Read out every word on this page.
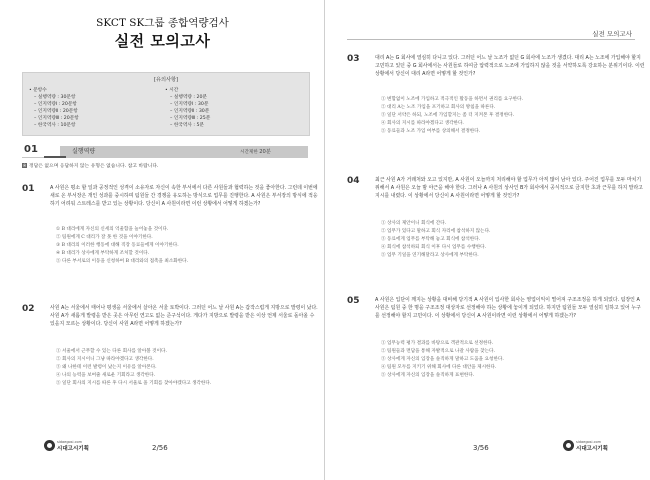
SKCT SK그룹 종합역량검사
실전 모의고사
[유의사항]
• 문항수
– 실행역량 : 30문항
– 인지역량Ⅰ : 20문항
– 인지역량Ⅱ : 20문항
– 인지역량Ⅲ : 20문항
– 한국역사 : 10문항
• 시간
– 실행역량 : 20분
– 인지역량Ⅰ : 30분
– 인지역량Ⅱ : 30분
– 인지역량Ⅲ : 25분
– 한국역사 : 5분
01	실행역량	시간제한 20분
※ 정답은 없으며 응답하지 않는 유형은 없습니다. 참고 바랍니다.
01	A 사원은 평소 할 일과 공정적인 성격이 소유자로 자신이 속한 부서에서 다른 사원들과 협력하는 것을 좋아한다. 그런데 이번에 새로 온 부서장은 개인 성과를 중시하며 팀원들 간 경쟁을 유도하는 방식으로 업무를 진행한다. A 사원은 부서장의 방식에 적응하기 어려워 스트레스를 받고 있는 상황이다. 당신이 A 사원이라면 이런 상황에서 어떻게 하겠는가?
① B 대리에게 자신의 신세의 억울함을 늘어놓을 것이다.
② 팀원에게 C 대리가 잘 못 한 것을 이야기한다.
③ B 대리의 이러한 행동에 대해 직장 동료들에게 이야기한다.
④ B 대리가 상사에게 부탁하게 조처할 것이다.
⑤ 다른 부서로의 이동을 신청하여 B 대리와의 접촉을 최소화한다.
02	사원 A는 서울에서 태어나 평생을 서울에서 살아온 서울 토박이다. 그러던 어느 날 사원 A는 갑작스럽게 지방으로 발령이 났다. 사원 A가 새롭게 발령을 받은 곳은 아무런 연고도 없는 준구석이다. 게다가 지방으로 발령을 받은 이상 언제 서울로 돌아올 수 있을지 모르는 상황이다. 당신이 사원 A라면 어떻게 하겠는가?
① 서울에서 근무할 수 있는 다른 회사를 알아볼 것이다.
② 회사의 지시이니 그냥 따라야겠다고 생각한다.
③ 왜 나한테 이런 발령이 났는지 이유를 알아본다.
④ 나의 능력을 보여줄 새로운 기회라고 생각한다.
⑤ 일단 회사의 지시를 따른 후 다시 서울로 올 기회를 찾아야겠다고 생각한다.
sidaegosi.com
시대고시기획	2/56
실전 모의고사
03	대리 A는 G 회사에 열심히 다니고 있다. 그러던 어느 날 노조가 없던 G 회사에 노조가 생겼다. 대리 A는 노조에 가입해야 할지 고민하고 있던 중 G 회사에서는 사원들로 하여금 압력적으로 노조에 가입하지 않을 것을 서약하도록 강요하는 분위기이다. 이런 상황에서 당신이 대리 A라면 어떻게 할 것인가?
① 변함없이 노조에 가입하고 적극적인 활동을 하면서 권리를 요구한다.
② 대리 A는 노조 가입을 포기하고 회사의 방침을 따른다.
③ 일단 서약은 하되, 노조에 가입할지는 좀 더 지켜본 후 결정한다.
④ 회사의 지시를 따라야겠다고 생각한다.
⑤ 동료들과 노조 가입 여부를 상의해서 결정한다.
04	최근 사원 A가 거래처와 오고 있지만, A 사원이 오늘까지 처리해야 할 업무가 아직 많이 남아 있다. 주어진 업무를 모두 마치기 위해서 A 사원은 오늘 밤 야근을 해야 한다. 그러나 A 사원의 상사인 B가 회사에서 공식적으로 금지한 초과 근무를 하지 말라고 지시를 내렸다. 이 상황에서 당신이 A 사원이라면 어떻게 할 것인가?
① 상사의 제안이니 회식에 간다.
② 업무가 있다고 말하고 회식 자리에 참석하지 않는다.
③ 동료에게 업무를 부탁해 놓고 회식에 참석한다.
④ 회식에 참석하되 회식 이후 다시 업무를 수행한다.
⑤ 업무 기일을 연기해달라고 상사에게 부탁한다.
05	A 사원은 입단이 깨지는 상황을 대비해 당기적 A 사원이 입사한 회사는 영업이익이 떨어져 구조조정을 하게 되었다. 팀장인 A 사원은 팀원 중 한 명을 구조조정 대상자로 선정해야 하는 상황에 놓이게 되었다. 하지만 팀원들 모두 열심히 일하고 있어 누구를 선정해야 할지 고민이다. 이 상황에서 당신이 A 사원이라면 이런 상황에서 어떻게 하겠는가?
① 업무능력 평가 결과를 바탕으로 객관적으로 선정한다.
② 팀원들과 면담을 통해 자발적으로 나갈 사람을 찾는다.
③ 상사에게 자신의 입장을 솔직하게 말하고 도움을 요청한다.
④ 팀원 모두를 지키기 위해 회사에 다른 대안을 제시한다.
⑤ 상사에게 자신의 입장을 솔직하게 표현한다.
3/56
sidaegosi.com
시대고시기획
